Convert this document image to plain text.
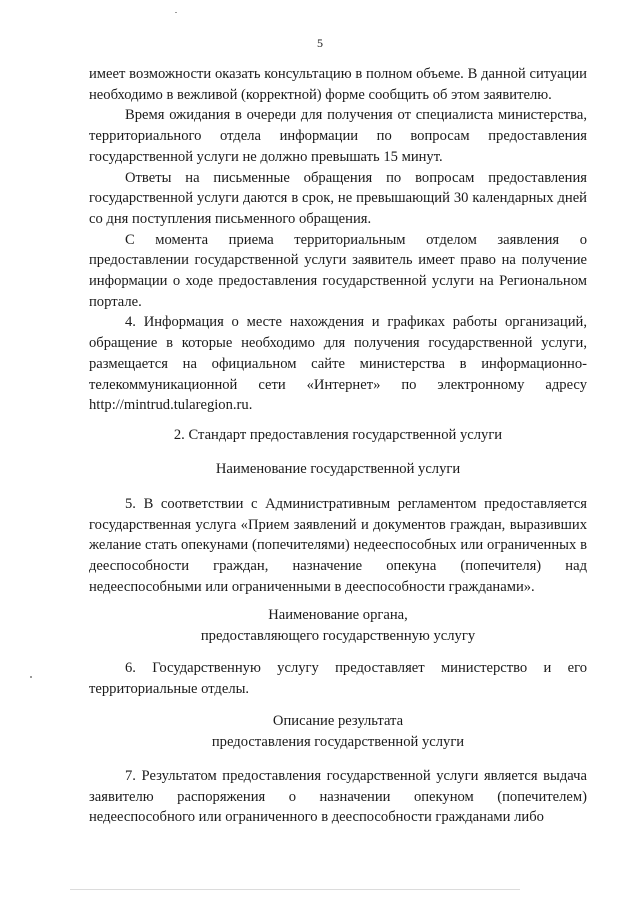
5

имеет возможности оказать консультацию в полном объеме. В данной ситуации необходимо в вежливой (корректной) форме сообщить об этом заявителю.

Время ожидания в очереди для получения от специалиста министерства, территориального отдела информации по вопросам предоставления государственной услуги не должно превышать 15 минут.

Ответы на письменные обращения по вопросам предоставления государственной услуги даются в срок, не превышающий 30 календарных дней со дня поступления письменного обращения.

С момента приема территориальным отделом заявления о предоставлении государственной услуги заявитель имеет право на получение информации о ходе предоставления государственной услуги на Региональном портале.

4. Информация о месте нахождения и графиках работы организаций, обращение в которые необходимо для получения государственной услуги, размещается на официальном сайте министерства в информационно-телекоммуникационной сети «Интернет» по электронному адресу http://mintrud.tularegion.ru.

2. Стандарт предоставления государственной услуги

Наименование государственной услуги

5. В соответствии с Административным регламентом предоставляется государственная услуга «Прием заявлений и документов граждан, выразивших желание стать опекунами (попечителями) недееспособных или ограниченных в дееспособности граждан, назначение опекуна (попечителя) над недееспособными или ограниченными в дееспособности гражданами».

Наименование органа,
предоставляющего государственную услугу

6. Государственную услугу предоставляет министерство и его территориальные отделы.

Описание результата
предоставления государственной услуги

7. Результатом предоставления государственной услуги является выдача заявителю распоряжения о назначении опекуном (попечителем) недееспособного или ограниченного в дееспособности гражданами либо
